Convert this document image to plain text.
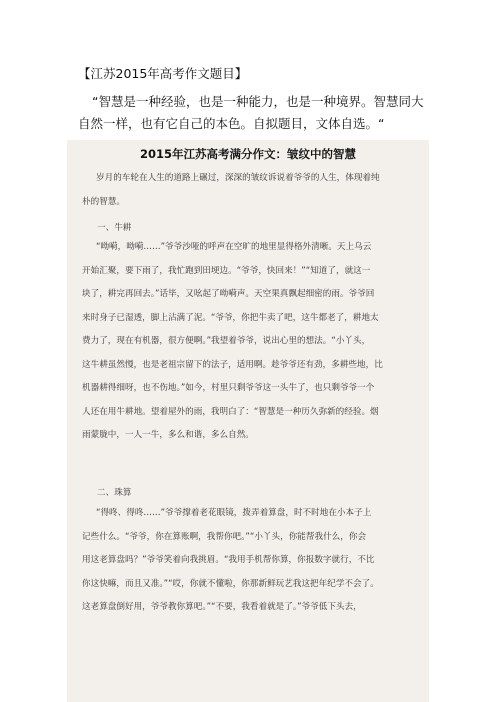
【江苏2015年高考作文题目】
“智慧是一种经验，也是一种能力，也是一种境界。智慧同大自然一样，也有它自己的本色。自拟题目，文体自选。“
2015年江苏高考满分作文：皱纹中的智慧
岁月的车轮在人生的道路上碾过，深深的皱纹诉说着爷爷的人生，体现着纯
朴的智慧。
一、牛耕
“呦嗬，呦嗬……”爷爷沙哑的呼声在空旷的地里显得格外清晰。天上乌云
开始汇聚，要下雨了，我忙跑到田埂边。“爷爷，快回来！”“知道了，就这一
块了，耕完再回去。”话毕，又吆起了呦嗬声。天空果真飘起细密的雨。爷爷回
来时身子已湿透，脚上沾满了泥。“爷爷，你把牛卖了吧，这牛都老了，耕地太
费力了，现在有机器，很方便啊。”我望着爷爷，说出心里的想法。“小丫头，
这牛耕虽然慢，也是老祖宗留下的法子，适用啊。趁爷爷还有劲，多耕些地，比
机器耕得细呀，也不伤地。”如今，村里只剩爷爷这一头牛了，也只剩爷爷一个
人还在用牛耕地。望着屋外的雨，我明白了：“智慧是一种历久弥新的经验。烟
雨蒙胧中，一人一牛，多么和谐，多么自然。
二、珠算
“得咚、得咚……”爷爷撑着老花眼镜，拨弄着算盘，时不时地在小本子上
记些什么。“爷爷，你在算账啊，我帮你吧。”“小丫头，你能帮我什么，你会
用这老算盘吗？”爷爷笑着向我挑眉。“我用手机帮你算，你报数字就行，不比
你这快嘛，而且又准。”“哎，你就不懂啦，你那新鲜玩艺我这把年纪学不会了。
这老算盘倒好用，爷爷教你算吧。”“不要，我看着就是了。”爷爷低下头去，
